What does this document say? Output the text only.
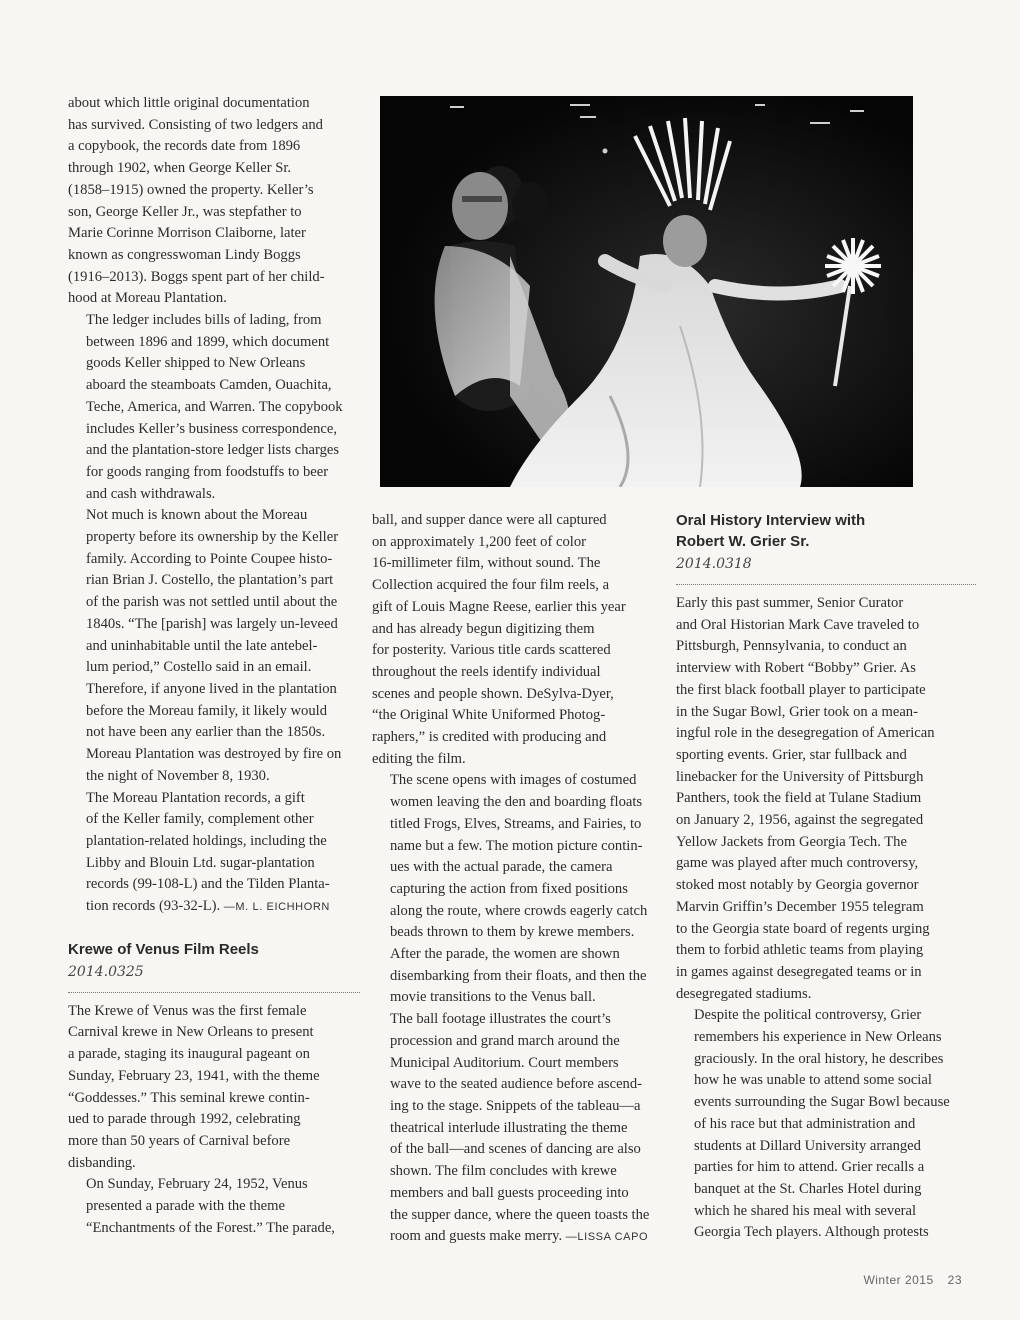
about which little original documentation
has survived. Consisting of two ledgers and
a copybook, the records date from 1896
through 1902, when George Keller Sr.
(1858–1915) owned the property. Keller’s
son, George Keller Jr., was stepfather to
Marie Corinne Morrison Claiborne, later
known as congresswoman Lindy Boggs
(1916–2013). Boggs spent part of her child-
hood at Moreau Plantation.

The ledger includes bills of lading, from
between 1896 and 1899, which document
goods Keller shipped to New Orleans
aboard the steamboats Camden, Ouachita,
Teche, America, and Warren. The copybook
includes Keller’s business correspondence,
and the plantation-store ledger lists charges
for goods ranging from foodstuffs to beer
and cash withdrawals.

Not much is known about the Moreau
property before its ownership by the Keller
family. According to Pointe Coupee histo-
rian Brian J. Costello, the plantation’s part
of the parish was not settled until about the
1840s. “The [parish] was largely un-leveed
and uninhabitable until the late antebel-
lum period,” Costello said in an email.
Therefore, if anyone lived in the plantation
before the Moreau family, it likely would
not have been any earlier than the 1850s.
Moreau Plantation was destroyed by fire on
the night of November 8, 1930.

The Moreau Plantation records, a gift
of the Keller family, complement other
plantation-related holdings, including the
Libby and Blouin Ltd. sugar-plantation
records (99-108-L) and the Tilden Planta-
tion records (93-32-L). —M. L. EICHHORN

Krewe of Venus Film Reels
2014.0325

The Krewe of Venus was the first female
Carnival krewe in New Orleans to present
a parade, staging its inaugural pageant on
Sunday, February 23, 1941, with the theme
“Goddesses.” This seminal krewe contin-
ued to parade through 1992, celebrating
more than 50 years of Carnival before
disbanding.

On Sunday, February 24, 1952, Venus
presented a parade with the theme
“Enchantments of the Forest.” The parade,

ball, and supper dance were all captured
on approximately 1,200 feet of color
16-millimeter film, without sound. The
Collection acquired the four film reels, a
gift of Louis Magne Reese, earlier this year
and has already begun digitizing them
for posterity. Various title cards scattered
throughout the reels identify individual
scenes and people shown. DeSylva-Dyer,
“the Original White Uniformed Photog-
raphers,” is credited with producing and
editing the film.

The scene opens with images of costumed
women leaving the den and boarding floats
titled Frogs, Elves, Streams, and Fairies, to
name but a few. The motion picture contin-
ues with the actual parade, the camera
capturing the action from fixed positions
along the route, where crowds eagerly catch
beads thrown to them by krewe members.
After the parade, the women are shown
disembarking from their floats, and then the
movie transitions to the Venus ball.

The ball footage illustrates the court’s
procession and grand march around the
Municipal Auditorium. Court members
wave to the seated audience before ascend-
ing to the stage. Snippets of the tableau—a
theatrical interlude illustrating the theme
of the ball—and scenes of dancing are also
shown. The film concludes with krewe
members and ball guests proceeding into
the supper dance, where the queen toasts the
room and guests make merry. —LISSA CAPO

Oral History Interview with
Robert W. Grier Sr.
2014.0318

Early this past summer, Senior Curator
and Oral Historian Mark Cave traveled to
Pittsburgh, Pennsylvania, to conduct an
interview with Robert “Bobby” Grier. As
the first black football player to participate
in the Sugar Bowl, Grier took on a mean-
ingful role in the desegregation of American
sporting events. Grier, star fullback and
linebacker for the University of Pittsburgh
Panthers, took the field at Tulane Stadium
on January 2, 1956, against the segregated
Yellow Jackets from Georgia Tech. The
game was played after much controversy,
stoked most notably by Georgia governor
Marvin Griffin’s December 1955 telegram
to the Georgia state board of regents urging
them to forbid athletic teams from playing
in games against desegregated teams or in
desegregated stadiums.

Despite the political controversy, Grier
remembers his experience in New Orleans
graciously. In the oral history, he describes
how he was unable to attend some social
events surrounding the Sugar Bowl because
of his race but that administration and
students at Dillard University arranged
parties for him to attend. Grier recalls a
banquet at the St. Charles Hotel during
which he shared his meal with several
Georgia Tech players. Although protests

Winter 2015 23
